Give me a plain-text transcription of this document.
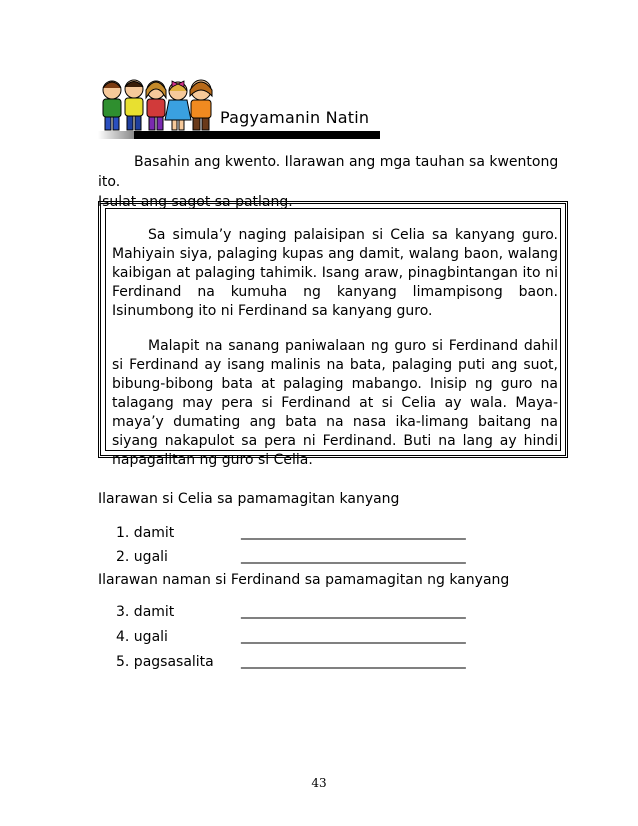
Pagyamanin Natin
Basahin ang kwento. Ilarawan ang mga tauhan sa kwentong ito.
Isulat ang sagot sa patlang.

Sa simula’y naging palaisipan si Celia sa kanyang guro. Mahiyain siya, palaging kupas ang damit, walang baon, walang kaibigan at palaging tahimik. Isang araw, pinagbintangan ito ni Ferdinand na kumuha ng kanyang limampisong baon. Isinumbong ito ni Ferdinand sa kanyang guro.

Malapit na sanang paniwalaan ng guro si Ferdinand dahil si Ferdinand ay isang malinis na bata, palaging puti ang suot, bibung-bibong bata at palaging mabango. Inisip ng guro na talagang may pera si Ferdinand at si Celia ay wala. Maya-maya’y dumating ang bata na nasa ika-limang baitang na siyang nakapulot sa pera ni Ferdinand. Buti na lang ay hindi napagalitan ng guro si Celia.

Ilarawan si Celia sa pamamagitan kanyang
1. damit	__________________________________
2. ugali	__________________________________
Ilarawan naman si Ferdinand sa pamamagitan ng kanyang
3. damit	__________________________________
4. ugali	__________________________________
5. pagsasalita __________________________________
43
